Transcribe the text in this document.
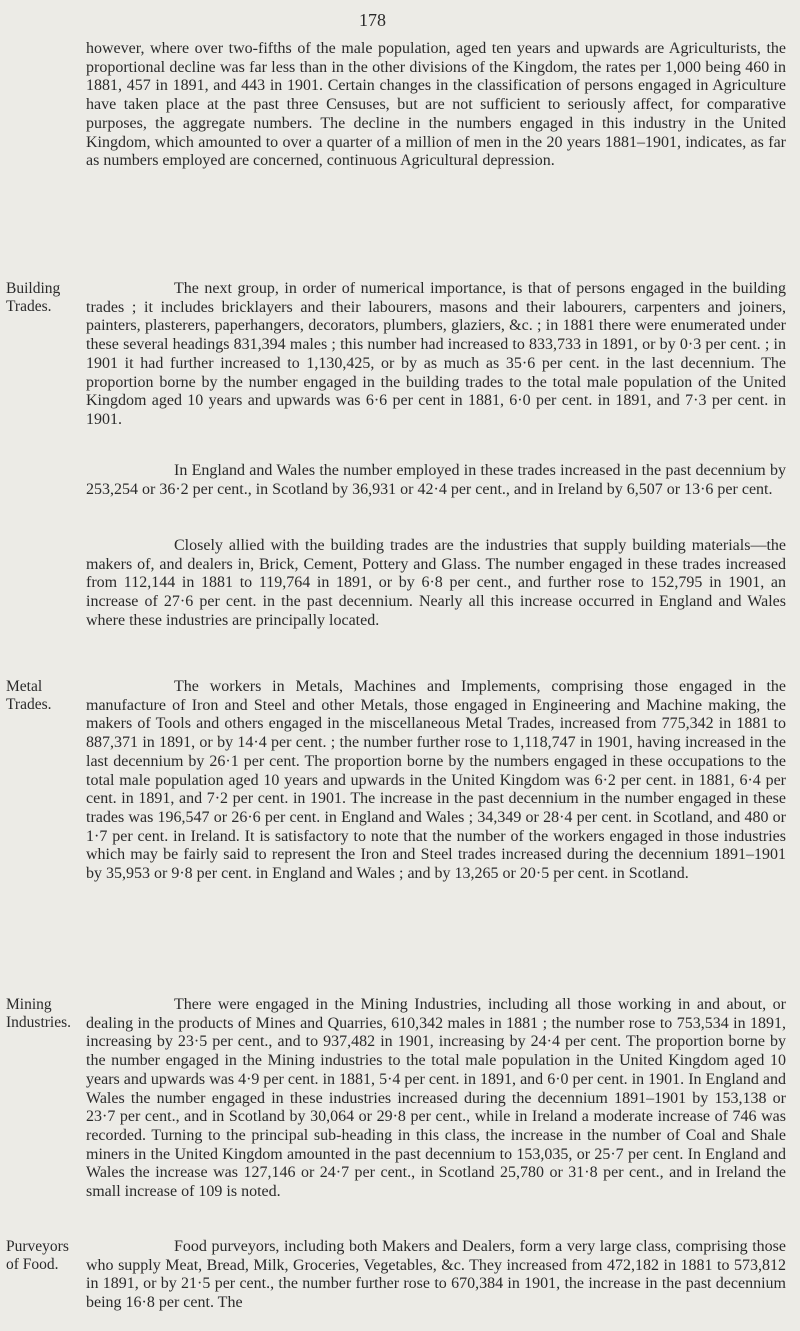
178
Building
Trades.
Metal
Trades.
Mining
Industries.
Purveyors
of Food.

however, where over two-fifths of the male population, aged ten years and upwards are Agriculturists, the proportional decline was far less than in the other divisions of the Kingdom, the rates per 1,000 being 460 in 1881, 457 in 1891, and 443 in 1901. Certain changes in the classification of persons engaged in Agriculture have taken place at the past three Censuses, but are not sufficient to seriously affect, for comparative purposes, the aggregate numbers. The decline in the numbers engaged in this industry in the United Kingdom, which amounted to over a quarter of a million of men in the 20 years 1881–1901, indicates, as far as numbers employed are concerned, continuous Agricultural depression.

The next group, in order of numerical importance, is that of persons engaged in the building trades ; it includes bricklayers and their labourers, masons and their labourers, carpenters and joiners, painters, plasterers, paperhangers, decorators, plumbers, glaziers, &c. ; in 1881 there were enumerated under these several headings 831,394 males ; this number had increased to 833,733 in 1891, or by 0·3 per cent. ; in 1901 it had further increased to 1,130,425, or by as much as 35·6 per cent. in the last decennium. The proportion borne by the number engaged in the building trades to the total male population of the United Kingdom aged 10 years and upwards was 6·6 per cent in 1881, 6·0 per cent. in 1891, and 7·3 per cent. in 1901.

In England and Wales the number employed in these trades increased in the past decennium by 253,254 or 36·2 per cent., in Scotland by 36,931 or 42·4 per cent., and in Ireland by 6,507 or 13·6 per cent.

Closely allied with the building trades are the industries that supply building materials—the makers of, and dealers in, Brick, Cement, Pottery and Glass. The number engaged in these trades increased from 112,144 in 1881 to 119,764 in 1891, or by 6·8 per cent., and further rose to 152,795 in 1901, an increase of 27·6 per cent. in the past decennium. Nearly all this increase occurred in England and Wales where these industries are principally located.

The workers in Metals, Machines and Implements, comprising those engaged in the manufacture of Iron and Steel and other Metals, those engaged in Engineering and Machine making, the makers of Tools and others engaged in the miscellaneous Metal Trades, increased from 775,342 in 1881 to 887,371 in 1891, or by 14·4 per cent. ; the number further rose to 1,118,747 in 1901, having increased in the last decennium by 26·1 per cent. The proportion borne by the numbers engaged in these occupations to the total male population aged 10 years and upwards in the United Kingdom was 6·2 per cent. in 1881, 6·4 per cent. in 1891, and 7·2 per cent. in 1901. The increase in the past decennium in the number engaged in these trades was 196,547 or 26·6 per cent. in England and Wales ; 34,349 or 28·4 per cent. in Scotland, and 480 or 1·7 per cent. in Ireland. It is satisfactory to note that the number of the workers engaged in those industries which may be fairly said to represent the Iron and Steel trades increased during the decennium 1891–1901 by 35,953 or 9·8 per cent. in England and Wales ; and by 13,265 or 20·5 per cent. in Scotland.

There were engaged in the Mining Industries, including all those working in and about, or dealing in the products of Mines and Quarries, 610,342 males in 1881 ; the number rose to 753,534 in 1891, increasing by 23·5 per cent., and to 937,482 in 1901, increasing by 24·4 per cent. The proportion borne by the number engaged in the Mining industries to the total male population in the United Kingdom aged 10 years and upwards was 4·9 per cent. in 1881, 5·4 per cent. in 1891, and 6·0 per cent. in 1901. In England and Wales the number engaged in these industries increased during the decennium 1891–1901 by 153,138 or 23·7 per cent., and in Scotland by 30,064 or 29·8 per cent., while in Ireland a moderate increase of 746 was recorded. Turning to the principal sub-heading in this class, the increase in the number of Coal and Shale miners in the United Kingdom amounted in the past decennium to 153,035, or 25·7 per cent. In England and Wales the increase was 127,146 or 24·7 per cent., in Scotland 25,780 or 31·8 per cent., and in Ireland the small increase of 109 is noted.

Food purveyors, including both Makers and Dealers, form a very large class, comprising those who supply Meat, Bread, Milk, Groceries, Vegetables, &c. They increased from 472,182 in 1881 to 573,812 in 1891, or by 21·5 per cent., the number further rose to 670,384 in 1901, the increase in the past decennium being 16·8 per cent. The
